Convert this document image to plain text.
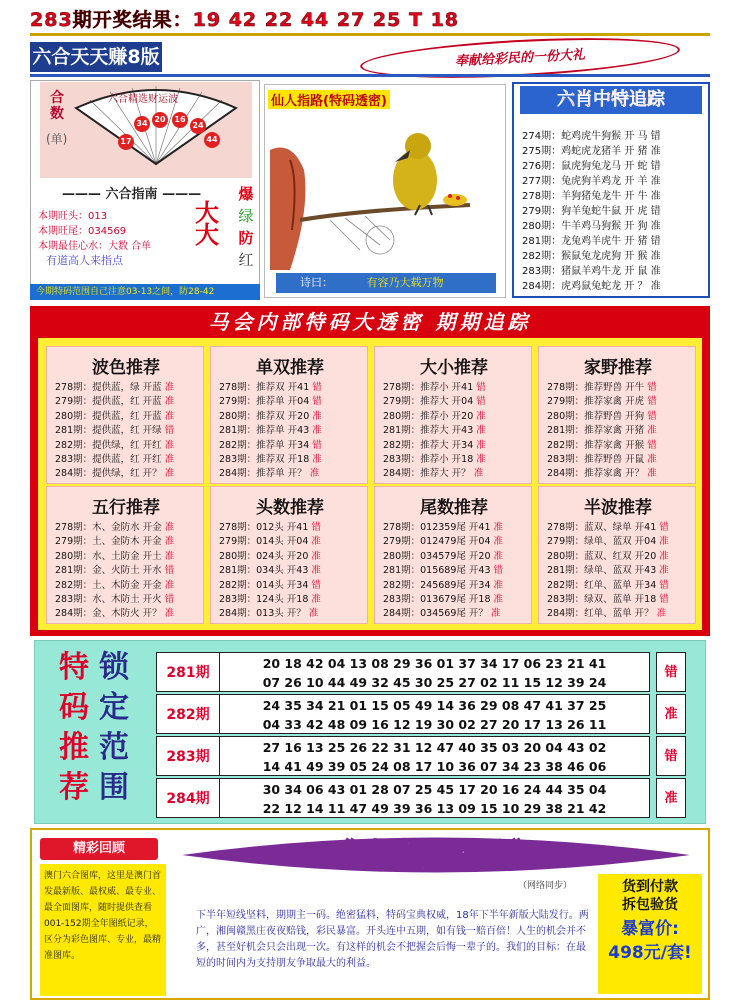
283期开奖结果：19 42 22 44 27 25 T 18
六合天天赚8版	奉献给彩民的一份大礼
合数
(单)
六合精选财运波
17
34 20	16
24
44
——— 六合指南 ———
本期旺头：013
本期旺尾：034569
本期最佳心水：大数 合单
有道高人来指点
大
大
爆
绿
防
红
今期特码范围自己注意03-13之间，防28-42
仙人指路(特码透密)
诗曰：	有容乃大载万物
六肖中特追踪
274期：蛇鸡虎牛狗猴 开 马 错
275期：鸡蛇虎龙猪羊 开 猪 准
276期：鼠虎狗兔龙马 开 蛇 错
277期：兔虎狗羊鸡龙 开 羊 准
278期：羊狗猪兔龙牛 开 牛 准
279期：狗羊兔蛇牛鼠 开 虎 错
280期：牛羊鸡马狗猴 开 狗 准
281期：龙兔鸡羊虎牛 开 猪 错
282期：猴鼠兔龙虎狗 开 猴 准
283期：猪鼠羊鸡牛龙 开 鼠 准
284期：虎鸡鼠兔蛇龙 开 ？ 准
马会内部特码大透密 期期追踪
波色推荐
278期：提供蓝，绿 开蓝 准
279期：提供蓝，红 开蓝 准
280期：提供蓝，红 开蓝 准
281期：提供蓝，红 开绿 错
282期：提供绿，红 开红 准
283期：提供蓝，红 开红 准
284期：提供绿，红 开？ 准
单双推荐
278期：推荐双 开41 错
279期：推荐单 开04 错
280期：推荐双 开20 准
281期：推荐单 开43 准
282期：推荐单 开34 错
283期：推荐双 开18 准
284期：推荐单 开？ 准
大小推荐
278期：推荐小 开41 错
279期：推荐大 开04 错
280期：推荐小 开20 准
281期：推荐大 开43 准
282期：推荐大 开34 准
283期：推荐小 开18 准
284期：推荐大 开？ 准
家野推荐
278期：推荐野兽 开牛 错
279期：推荐家禽 开虎 错
280期：推荐野兽 开狗 错
281期：推荐家禽 开猪 准
282期：推荐家禽 开猴 错
283期：推荐野兽 开鼠 准
284期：推荐家禽 开？ 准
五行推荐
278期：木、金防水 开金 准
279期：土、金防木 开金 准
280期：水、土防金 开土 准
281期：金、火防土 开水 错
282期：土、木防金 开金 准
283期：水、木防土 开火 错
284期：金、木防火 开？ 准
头数推荐
278期：012头 开41 错
279期：014头 开04 准
280期：024头 开20 准
281期：034头 开43 准
282期：014头 开34 错
283期：124头 开18 准
284期：013头 开？ 准
尾数推荐
278期：012359尾 开41 准
279期：012479尾 开04 准
280期：034579尾 开20 准
281期：015689尾 开43 错
282期：245689尾 开34 准
283期：013679尾 开18 准
284期：034569尾 开？ 准
半波推荐
278期：蓝双、绿单 开41 错
279期：绿单、蓝双 开04 准
280期：蓝双、红双 开20 准
281期：绿单、蓝双 开43 准
282期：红单、蓝单 开34 错
283期：绿双、蓝单 开18 错
284期：红单、蓝单 开？ 准
特
码
推
荐
锁
定
范
围
281期
20 18 42 04 13 08 29 36 01 37 34 17 06 23 21 41
07 26 10 44 49 32 45 30 25 27 02 11 15 12 39 24
错
282期
24 35 34 21 01 15 05 49 14 36 29 08 47 41 37 25
04 33 42 48 09 16 12 19 30 02 27 20 17 13 26 11
准
283期
27 16 13 25 26 22 31 12 47 40 35 03 20 04 43 02
14 41 49 39 05 24 08 17 10 36 07 34 23 38 46 06
错
284期
30 34 06 43 01 28 07 25 45 17 20 16 24 44 35 04
22 12 14 11 47 49 39 36 13 09 15 10 29 38 21 42
准
精彩回顾
澳门六合图库，这里是澳门首发最新版、最权威、最专业、最全面图库，随时提供查看001-152期全年图纸记录，区分为彩色图库、专业，最精准图库。
《奇门一码》
（网络同步）
下半年短线坚料，期期主一码。绝密猛料，特码宝典权威，18年下半年新版大陆发行。两广，湘闽赣黑庄夜夜赔钱，彩民暴富。开头连中五期，如有钱一赔百倍！人生的机会并不多，甚至好机会只会出现一次。有这样的机会不把握会后悔一辈子的。我们的目标：在最短的时间内为支持朋友争取最大的利益。
货到付款
拆包验货
暴富价:
498元/套!
